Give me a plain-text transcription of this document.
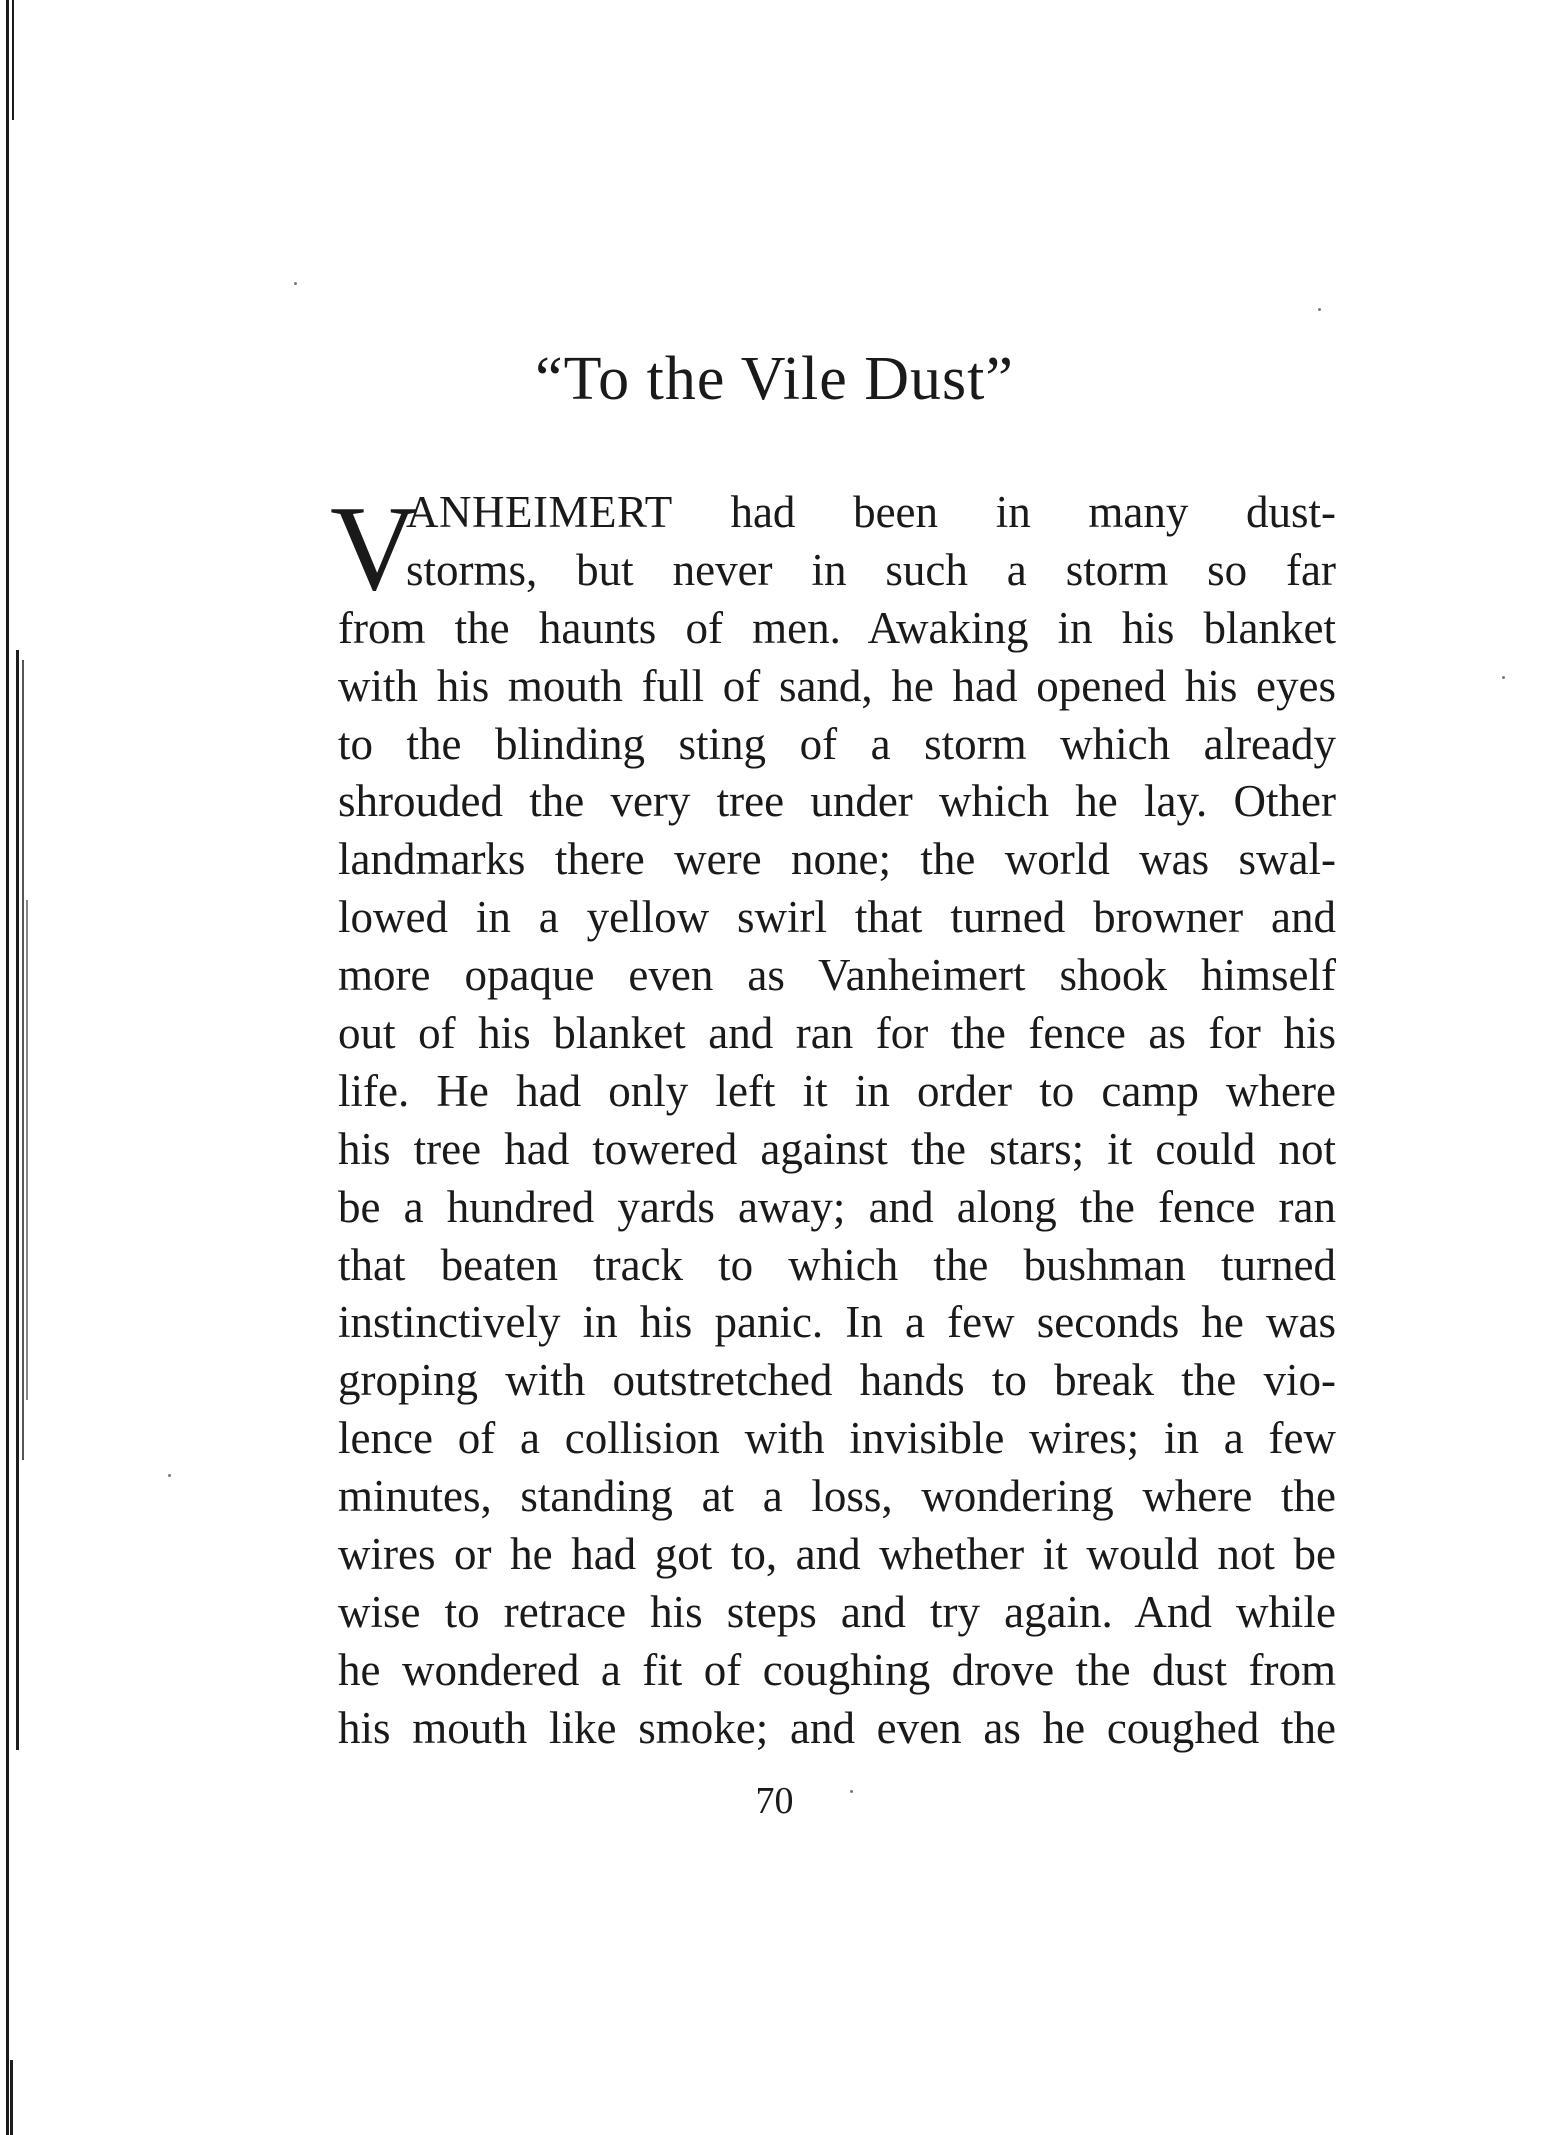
“To the Vile Dust”
V
ANHEIMERT had been in many dust-
storms, but never in such a storm so far
from the haunts of men. Awaking in his blanket
with his mouth full of sand, he had opened his eyes
to the blinding sting of a storm which already
shrouded the very tree under which he lay. Other
landmarks there were none; the world was swal-
lowed in a yellow swirl that turned browner and
more opaque even as Vanheimert shook himself
out of his blanket and ran for the fence as for his
life. He had only left it in order to camp where
his tree had towered against the stars; it could not
be a hundred yards away; and along the fence ran
that beaten track to which the bushman turned
instinctively in his panic. In a few seconds he was
groping with outstretched hands to break the vio-
lence of a collision with invisible wires; in a few
minutes, standing at a loss, wondering where the
wires or he had got to, and whether it would not be
wise to retrace his steps and try again. And while
he wondered a fit of coughing drove the dust from
his mouth like smoke; and even as he coughed the
70
